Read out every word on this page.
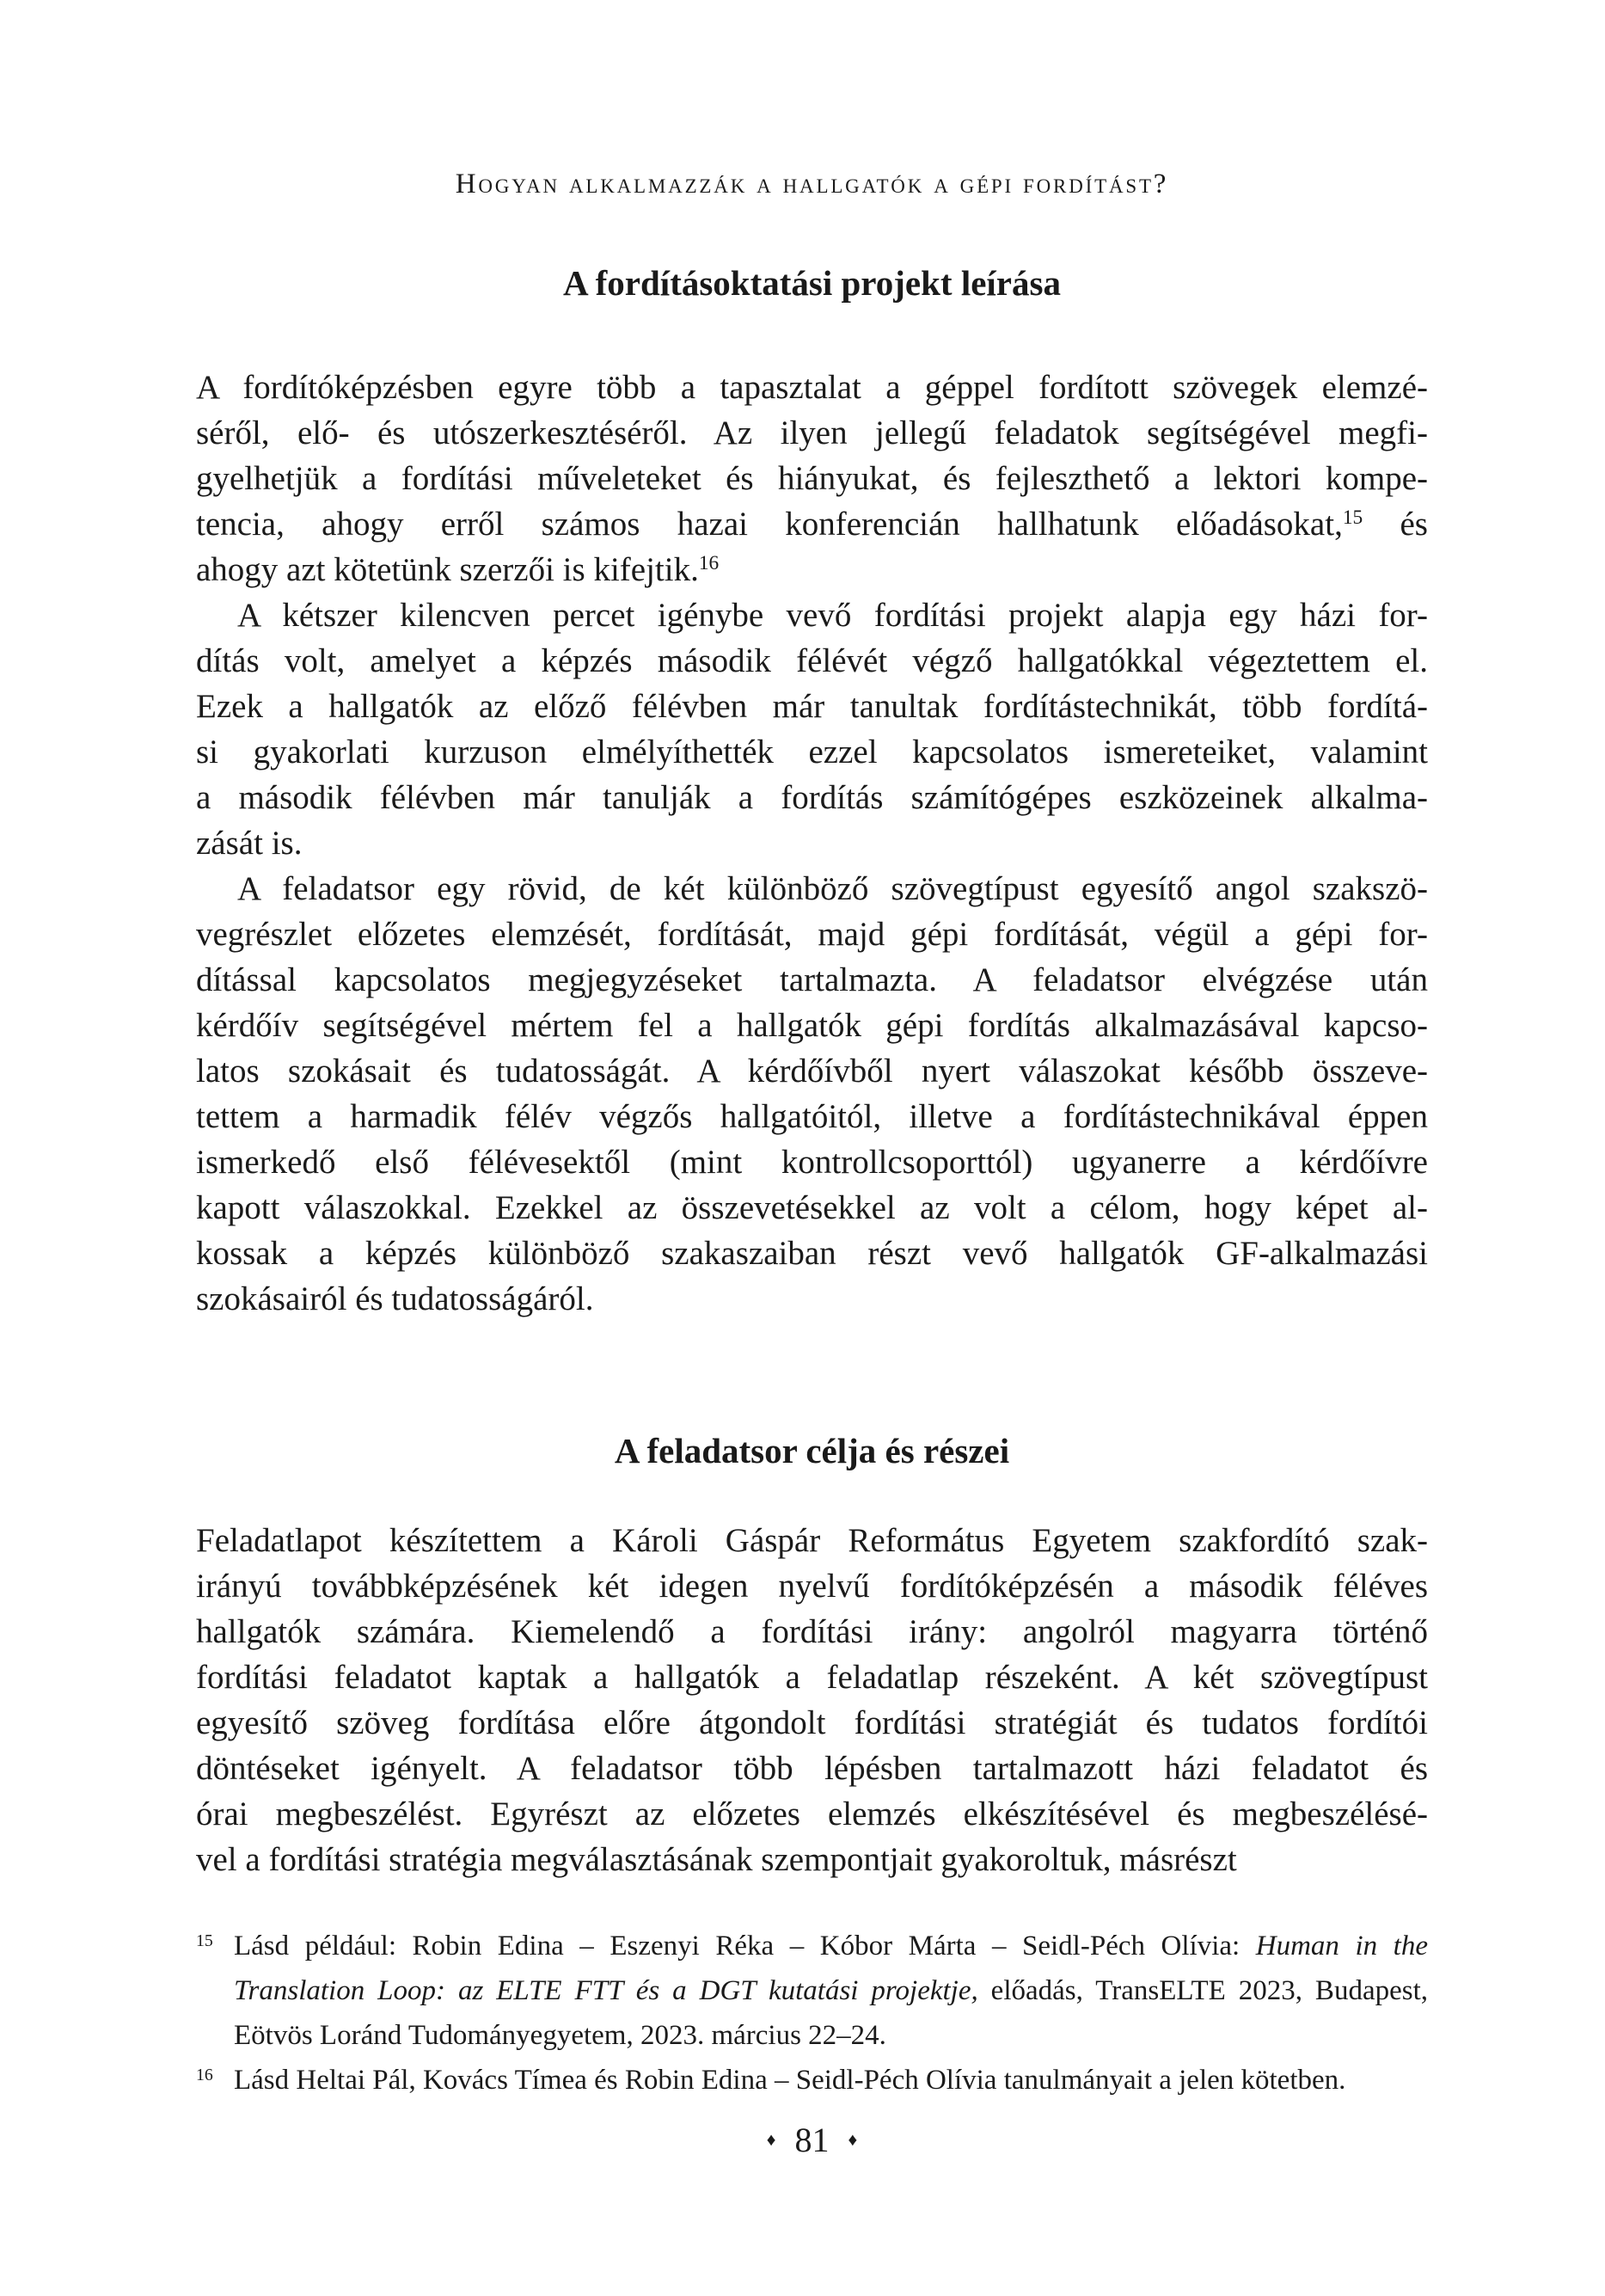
Hogyan alkalmazzák a hallgatók a gépi fordítást?
A fordításoktatási projekt leírása
A fordítóképzésben egyre több a tapasztalat a géppel fordított szövegek elemzé-
séről, elő- és utószerkesztéséről. Az ilyen jellegű feladatok segítségével megfi-
gyelhetjük a fordítási műveleteket és hiányukat, és fejleszthető a lektori kompe-
tencia, ahogy erről számos hazai konferencián hallhatunk előadásokat,$^{15}$ és
ahogy azt kötetünk szerzői is kifejtik.$^{16}$
A kétszer kilencven percet igénybe vevő fordítási projekt alapja egy házi for-
dítás volt, amelyet a képzés második félévét végző hallgatókkal végeztettem el.
Ezek a hallgatók az előző félévben már tanultak fordítástechnikát, több fordítá-
si gyakorlati kurzuson elmélyíthették ezzel kapcsolatos ismereteiket, valamint
a második félévben már tanulják a fordítás számítógépes eszközeinek alkalma-
zását is.
A feladatsor egy rövid, de két különböző szövegtípust egyesítő angol szakszö-
vegrészlet előzetes elemzését, fordítását, majd gépi fordítását, végül a gépi for-
dítással kapcsolatos megjegyzéseket tartalmazta. A feladatsor elvégzése után
kérdőív segítségével mértem fel a hallgatók gépi fordítás alkalmazásával kapcso-
latos szokásait és tudatosságát. A kérdőívből nyert válaszokat később összeve-
tettem a harmadik félév végzős hallgatóitól, illetve a fordítástechnikával éppen
ismerkedő első félévesektől (mint kontrollcsoporttól) ugyanerre a kérdőívre
kapott válaszokkal. Ezekkel az összevetésekkel az volt a célom, hogy képet al-
kossak a képzés különböző szakaszaiban részt vevő hallgatók GF-alkalmazási
szokásairól és tudatosságáról.
A feladatsor célja és részei
Feladatlapot készítettem a Károli Gáspár Református Egyetem szakfordító szak-
irányú továbbképzésének két idegen nyelvű fordítóképzésén a második féléves
hallgatók számára. Kiemelendő a fordítási irány: angolról magyarra történő
fordítási feladatot kaptak a hallgatók a feladatlap részeként. A két szövegtípust
egyesítő szöveg fordítása előre átgondolt fordítási stratégiát és tudatos fordítói
döntéseket igényelt. A feladatsor több lépésben tartalmazott házi feladatot és
órai megbeszélést. Egyrészt az előzetes elemzés elkészítésével és megbeszélésé-
vel a fordítási stratégia megválasztásának szempontjait gyakoroltuk, másrészt
$^{15}$ Lásd például: Robin Edina – Eszenyi Réka – Kóbor Márta – Seidl-Péch Olívia: Human in the
Translation Loop: az ELTE FTT és a DGT kutatási projektje, előadás, TransELTE 2023, Budapest,
Eötvös Loránd Tudományegyetem, 2023. március 22–24.
$^{16}$ Lásd Heltai Pál, Kovács Tímea és Robin Edina – Seidl-Péch Olívia tanulmányait a jelen kötetben.
♦ 81 ♦
